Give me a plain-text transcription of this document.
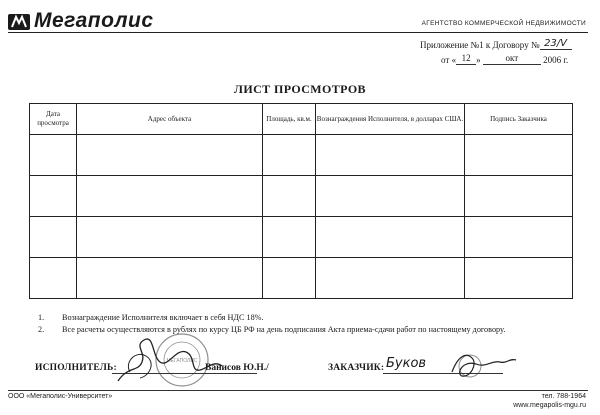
Мегаполис	АГЕНТСТВО КОММЕРЧЕСКОЙ НЕДВИЖИМОСТИ
Приложение №1 к Договору № 23/V
от « 12 »	окт	2006 г.
ЛИСТ ПРОСМОТРОВ
Дата просмотра	Адрес объекта	Площадь, кв.м.	Вознаграждения Исполнителя, в долларах США.	Подпись Заказчика

1. Вознаграждение Исполнителя включает в себя НДС 18%.
2. Все расчеты осуществляются в рублях по курсу ЦБ РФ на день подписания Акта приема-сдачи работ по настоящему договору.
ИСПОЛНИТЕЛЬ:	Ванисов Ю.Н./	ЗАКАЗЧИК: Буков
МЕГАПОЛИС
ООО «Мегаполис-Университет»	тел. 788-1964
www.megapolis-mgu.ru
